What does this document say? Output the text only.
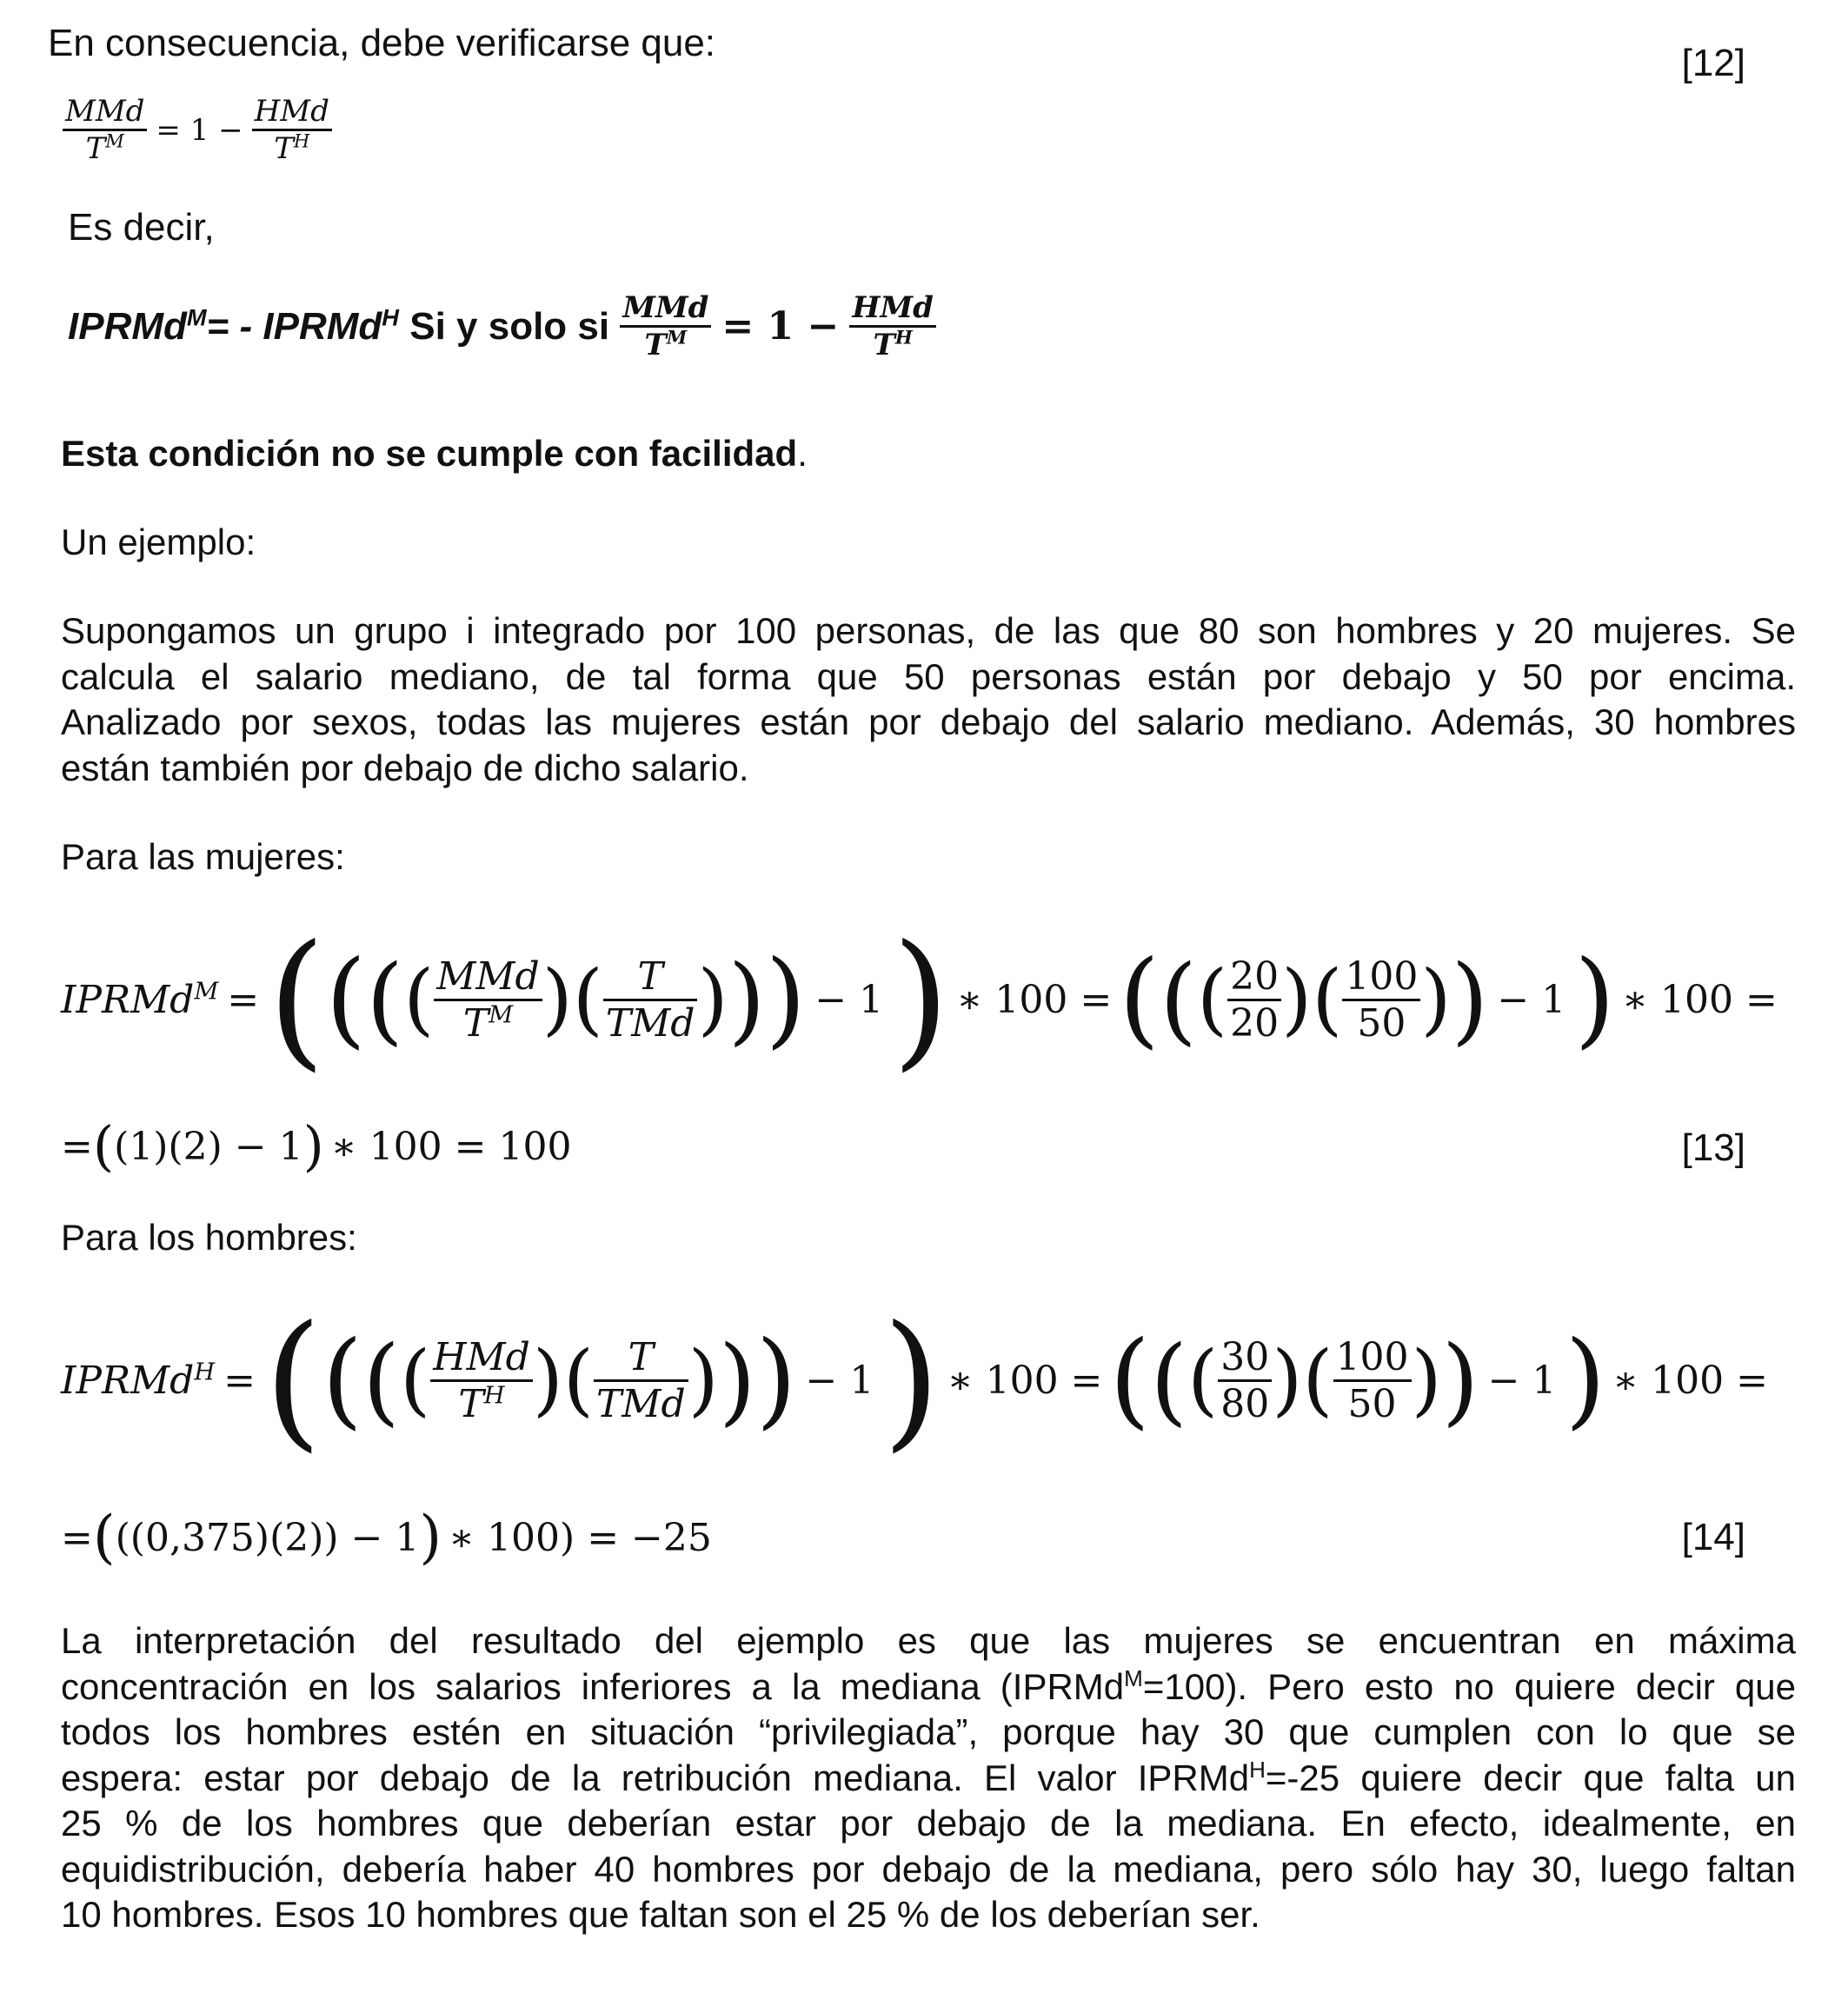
En consecuencia, debe verificarse que:	[12]
$\frac{\text{MMd}}{T^M} = 1 - \frac{\text{HMd}}{T^H}$
Es decir,
IPRMd$^M$= - IPRMd$^H$ Si y solo si $\frac{\text{MMd}}{T^M} = 1 - \frac{\text{HMd}}{T^H}$
Esta condición no se cumple con facilidad.
Un ejemplo:
Supongamos un grupo i integrado por 100 personas, de las que 80 son hombres y 20 mujeres. Se
calcula el salario mediano, de tal forma que 50 personas están por debajo y 50 por encima.
Analizado por sexos, todas las mujeres están por debajo del salario mediano. Además, 30 hombres
están también por debajo de dicho salario.
Para las mujeres:
IPRMd$^M$ = ( ( ( ( $\frac{\text{MMd}}{T^M}$ ) ( $\frac{T}{\text{TMd}}$ ) ) ) − 1 ) ∗ 100 = ( ( ( $\frac{20}{20}$ ) ( $\frac{100}{50}$ ) ) − 1 ) ∗ 100 =
= ( (1)(2) − 1 ) ∗ 100 = 100	[13]
Para los hombres:
IPRMd$^H$ = ( ( ( ( $\frac{\text{HMd}}{T^H}$ ) ( $\frac{T}{\text{TMd}}$ ) ) ) − 1 ) ∗ 100 = ( ( ( $\frac{30}{80}$ ) ( $\frac{100}{50}$ ) ) − 1 ) ∗ 100 =
= ( ((0,375)(2)) − 1 ) ∗ 100) = −25	[14]
La interpretación del resultado del ejemplo es que las mujeres se encuentran en máxima
concentración en los salarios inferiores a la mediana (IPRMd$^M$=100). Pero esto no quiere decir que
todos los hombres estén en situación “privilegiada”, porque hay 30 que cumplen con lo que se
espera: estar por debajo de la retribución mediana. El valor IPRMd$^H$=-25 quiere decir que falta un
25 % de los hombres que deberían estar por debajo de la mediana. En efecto, idealmente, en
equidistribución, debería haber 40 hombres por debajo de la mediana, pero sólo hay 30, luego faltan
10 hombres. Esos 10 hombres que faltan son el 25 % de los deberían ser.
